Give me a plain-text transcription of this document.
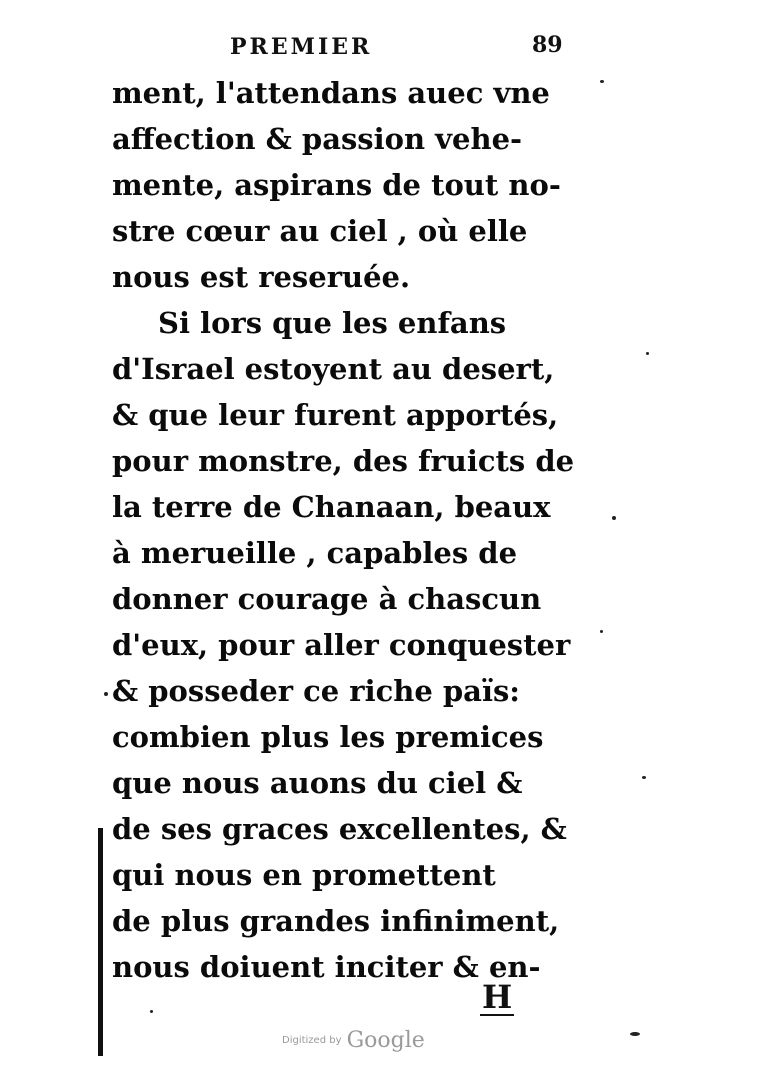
PREMIER	89
ment, l'attendans auec vne
affection & passion vehe-
mente, aspirans de tout no-
stre cœur au ciel , où elle
nous est reseruée.
Si lors que les enfans
d'Israel estoyent au desert,
& que leur furent apportés,
pour monstre, des fruicts de
la terre de Chanaan, beaux
à merueille , capables de
donner courage à chascun
d'eux, pour aller conquester
& posseder ce riche païs:
combien plus les premices
que nous auons du ciel &
de ses graces excellentes, &
qui nous en promettent
de plus grandes infiniment,
nous doiuent inciter & en-
H
Digitized by Google
